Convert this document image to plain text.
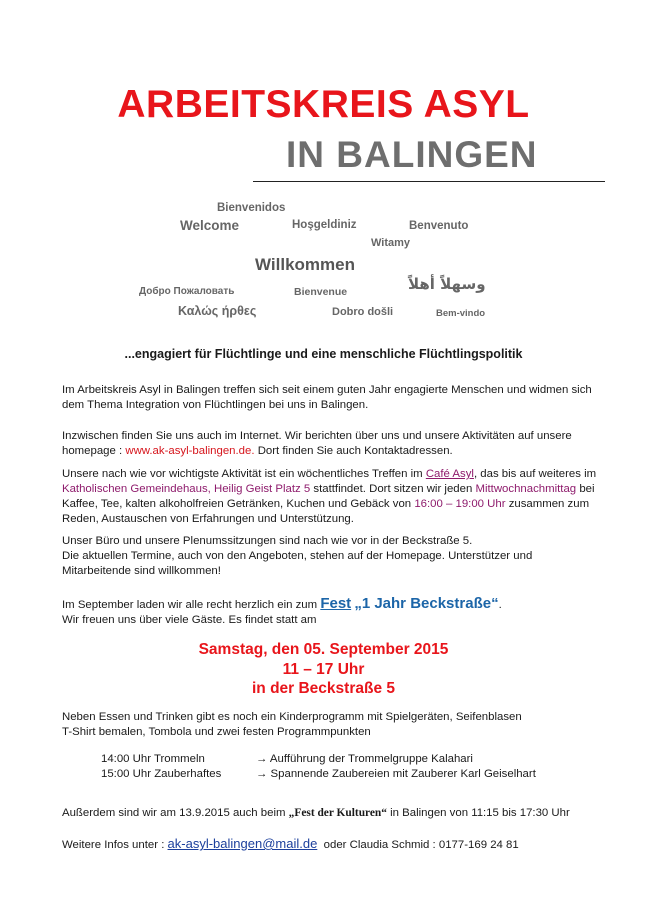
ARBEITSKREIS ASYL
IN BALINGEN
Bienvenidos
Welcome	Hoşgeldiniz	Benvenuto
Witamy
Willkommen
وسهلاً أهلاً
Добро Пожаловать	Bienvenue
Καλώς ήρθες	Dobro došli	Bem-vindo
...engagiert für Flüchtlinge und eine menschliche Flüchtlingspolitik

Im Arbeitskreis Asyl in Balingen treffen sich seit einem guten Jahr engagierte Menschen und widmen sich dem Thema Integration von Flüchtlingen bei uns in Balingen.

Inzwischen finden Sie uns auch im Internet. Wir berichten über uns und unsere Aktivitäten auf unsere homepage : www.ak-asyl-balingen.de. Dort finden Sie auch Kontaktadressen.

Unsere nach wie vor wichtigste Aktivität ist ein wöchentliches Treffen im Café Asyl, das bis auf weiteres im Katholischen Gemeindehaus, Heilig Geist Platz 5 stattfindet. Dort sitzen wir jeden Mittwochnachmittag bei Kaffee, Tee, kalten alkoholfreien Getränken, Kuchen und Gebäck von 16:00 – 19:00 Uhr zusammen zum Reden, Austauschen von Erfahrungen und Unterstützung.

Unser Büro und unsere Plenumssitzungen sind nach wie vor in der Beckstraße 5.

Die aktuellen Termine, auch von den Angeboten, stehen auf der Homepage. Unterstützer und Mitarbeitende sind willkommen!

Im September laden wir alle recht herzlich ein zum Fest „1 Jahr Beckstraße“.

Wir freuen uns über viele Gäste. Es findet statt am

Samstag, den 05. September 2015
11 – 17 Uhr
in der Beckstraße 5

Neben Essen und Trinken gibt es noch ein Kinderprogramm mit Spielgeräten, Seifenblasen

T-Shirt bemalen, Tombola und zwei festen Programmpunkten

14:00 Uhr Trommeln	→ Aufführung der Trommelgruppe Kalahari
15:00 Uhr Zauberhaftes	→ Spannende Zaubereien mit Zauberer Karl Geiselhart
Außerdem sind wir am 13.9.2015 auch beim „Fest der Kulturen“ in Balingen von 11:15 bis 17:30 Uhr
Weitere Infos unter : ak-asyl-balingen@mail.de oder Claudia Schmid : 0177-169 24 81
